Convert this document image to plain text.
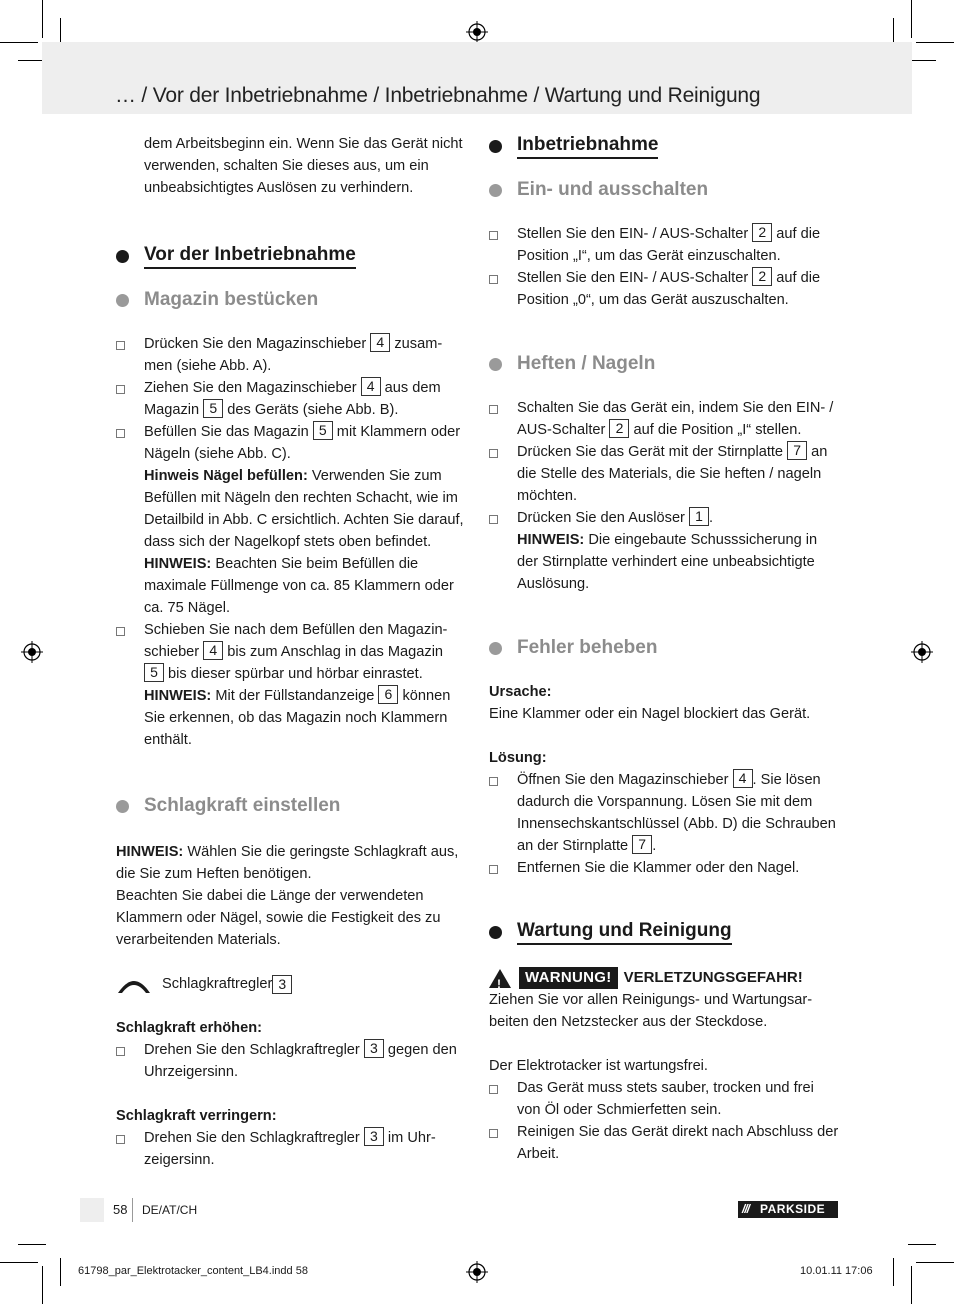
… / Vor der Inbetriebnahme / Inbetriebnahme / Wartung und Reinigung

dem Arbeitsbeginn ein. Wenn Sie das Gerät nicht verwenden, schalten Sie dieses aus, um ein unbeabsichtigtes Auslösen zu verhindern.

Vor der Inbetriebnahme
Magazin bestücken
Drücken Sie den Magazinschieber 4 zusam-men (siehe Abb. A).
Ziehen Sie den Magazinschieber 4 aus dem Magazin 5 des Geräts (siehe Abb. B).
Befüllen Sie das Magazin 5 mit Klammern oder Nägeln (siehe Abb. C).
Hinweis Nägel befüllen: Verwenden Sie zum Befüllen mit Nägeln den rechten Schacht, wie im Detailbild in Abb. C ersichtlich. Achten Sie darauf, dass sich der Nagelkopf stets oben befindet.
HINWEIS: Beachten Sie beim Befüllen die maximale Füllmenge von ca. 85 Klammern oder ca. 75 Nägel.
Schieben Sie nach dem Befüllen den Magazin-schieber 4 bis zum Anschlag in das Magazin 5 bis dieser spürbar und hörbar einrastet.
HINWEIS: Mit der Füllstandanzeige 6 können Sie erkennen, ob das Magazin noch Klammern enthält.
Schlagkraft einstellen

HINWEIS: Wählen Sie die geringste Schlagkraft aus, die Sie zum Heften benötigen.

Beachten Sie dabei die Länge der verwendeten Klammern oder Nägel, sowie die Festigkeit des zu verarbeitenden Materials.

Schlagkraftregler 3

Schlagkraft erhöhen:

Drehen Sie den Schlagkraftregler 3 gegen den Uhrzeigersinn.

Schlagkraft verringern:

Drehen Sie den Schlagkraftregler 3 im Uhr-zeigersinn.
Inbetriebnahme
Ein- und ausschalten
Stellen Sie den EIN- / AUS-Schalter 2 auf die Position „I“, um das Gerät einzuschalten.
Stellen Sie den EIN- / AUS-Schalter 2 auf die Position „0“, um das Gerät auszuschalten.
Heften / Nageln
Schalten Sie das Gerät ein, indem Sie den EIN- / AUS-Schalter 2 auf die Position „I“ stellen.
Drücken Sie das Gerät mit der Stirnplatte 7 an die Stelle des Materials, die Sie heften / nageln möchten.
Drücken Sie den Auslöser 1 .
HINWEIS: Die eingebaute Schusssicherung in der Stirnplatte verhindert eine unbeabsichtigte Auslösung.
Fehler beheben

Ursache:

Eine Klammer oder ein Nagel blockiert das Gerät.

Lösung:

Öffnen Sie den Magazinschieber 4 . Sie lösen dadurch die Vorspannung. Lösen Sie mit dem Innensechskantschlüssel (Abb. D) die Schrauben an der Stirnplatte 7 .
Entfernen Sie die Klammer oder den Nagel.
Wartung und Reinigung
!	WARNUNG! VERLETZUNGSGEFAHR!

Ziehen Sie vor allen Reinigungs- und Wartungsar-beiten den Netzstecker aus der Steckdose.

Der Elektrotacker ist wartungsfrei.

Das Gerät muss stets sauber, trocken und frei von Öl oder Schmierfetten sein.
Reinigen Sie das Gerät direkt nach Abschluss der Arbeit.
58 DE/AT/CH	/// PARKSIDE
61798_par_Elektrotacker_content_LB4.indd 58	10.01.11 17:06
